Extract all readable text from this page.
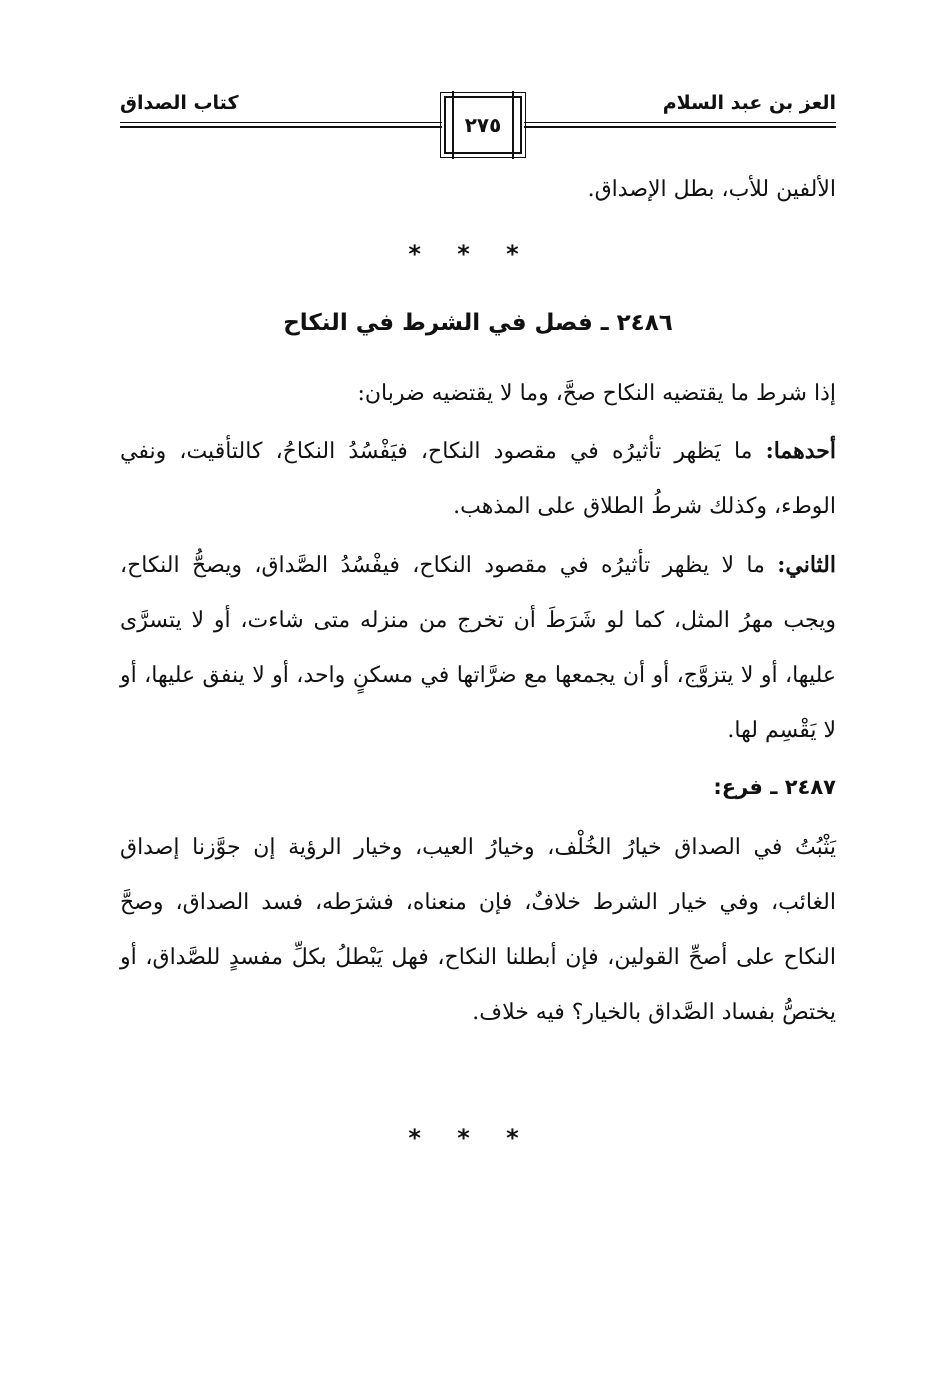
كتاب الصداق
٢٧٥
العز بن عبد السلام
الألفين للأب، بطل الإصداق.
* * *
٢٤٨٦ ـ فصل في الشرط في النكاح
إذا شرط ما يقتضيه النكاح صحَّ، وما لا يقتضيه ضربان:
أحدهما: ما يَظهر تأثيرُه في مقصود النكاح، فيَفْسُدُ النكاحُ، كالتأقيت، ونفي الوطء، وكذلك شرطُ الطلاق على المذهب.
الثاني: ما لا يظهر تأثيرُه في مقصود النكاح، فيفْسُدُ الصَّداق، ويصحُّ النكاح، ويجب مهرُ المثل، كما لو شَرَطَ أن تخرج من منزله متى شاءت، أو لا يتسرَّى عليها، أو لا يتزوَّج، أو أن يجمعها مع ضرَّاتها في مسكنٍ واحد، أو لا ينفق عليها، أو لا يَقْسِم لها.
٢٤٨٧ ـ فرع:
يَثْبُتُ في الصداق خيارُ الخُلْف، وخيارُ العيب، وخيار الرؤية إن جوَّزنا إصداق الغائب، وفي خيار الشرط خلافٌ، فإن منعناه، فشرَطه، فسد الصداق، وصحَّ النكاح على أصحِّ القولين، فإن أبطلنا النكاح، فهل يَبْطلُ بكلِّ مفسدٍ للصَّداق، أو يختصُّ بفساد الصَّداق بالخيار؟ فيه خلاف.
* * *
